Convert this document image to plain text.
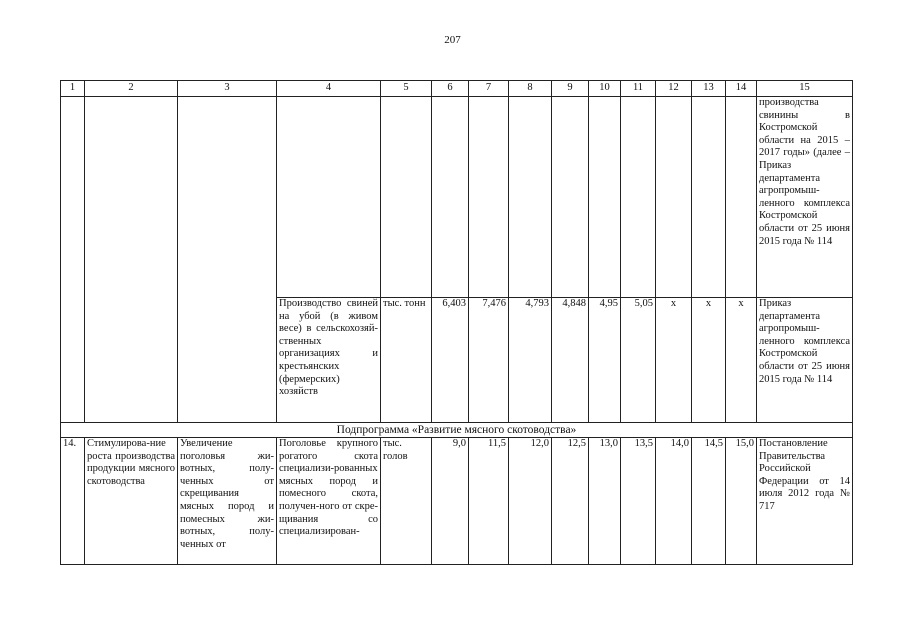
207
1	2	3	4	5	6	7	8	9	10	11	12	13	14	15
														производства свинины в Костромской области на 2015 – 2017 годы» (далее – Приказ департамента агропромыш-ленного комплекса Костромской области от 25 июня 2015 года № 114
			Производство свиней на убой (в живом весе) в сельскохозяй-ственных организациях и крестьянских (фермерских) хозяйств	тыс. тонн	6,403	7,476	4,793	4,848	4,95	5,05	х	х	х	Приказ департамента агропромыш-ленного комплекса Костромской области от 25 июня 2015 года № 114
Подпрограмма «Развитие мясного скотоводства»														
14.	Стимулирова-ние роста производства продукции мясного скотоводства	Увеличение поголовья жи-вотных, полу-ченных от скрещивания мясных пород и помесных жи-вотных, полу-ченных от	Поголовье крупного рогатого скота специализи-рованных мясных пород и помесного скота, получен-ного от скре-щивания со специализирован-	тыс. голов	9,0	11,5	12,0	12,5	13,0	13,5	14,0	14,5	15,0	Постановление Правительства Российской Федерации от 14 июля 2012 года № 717
